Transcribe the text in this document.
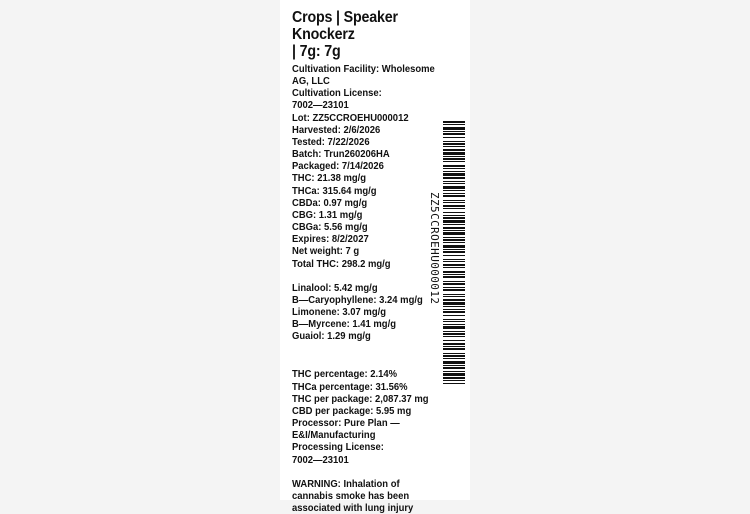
Crops | Speaker Knockerz
| 7g: 7g
Cultivation Facility: Wholesome
AG, LLC
Cultivation License:
7002—23101
Lot: ZZ5CCROEHU000012
Harvested: 2/6/2026
Tested: 7/22/2026
Batch: Trun260206HA
Packaged: 7/14/2026
THC: 21.38 mg/g
THCa: 315.64 mg/g
CBDa: 0.97 mg/g
CBG: 1.31 mg/g
CBGa: 5.56 mg/g
Expires: 8/2/2027
Net weight: 7 g
Total THC: 298.2 mg/g
Linalool: 5.42 mg/g
B—Caryophyllene: 3.24 mg/g
Limonene: 3.07 mg/g
B—Myrcene: 1.41 mg/g
Guaiol: 1.29 mg/g
THC percentage: 2.14%
THCa percentage: 31.56%
THC per package: 2,087.37 mg
CBD per package: 5.95 mg
Processor: Pure Plan —
E&I/Manufacturing
Processing License:
7002—23101
WARNING: Inhalation of
cannabis smoke has been
associated with lung injury
ZZ5CCROEHU000012
